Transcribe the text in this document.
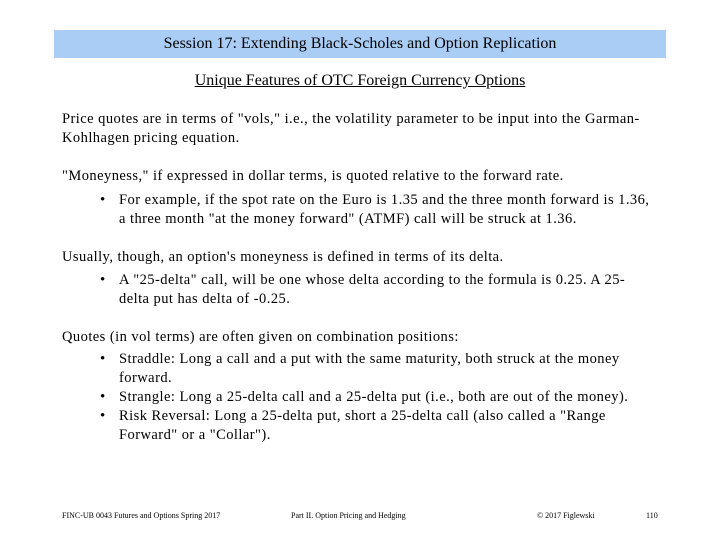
Session 17: Extending Black-Scholes and Option Replication
Unique Features of OTC Foreign Currency Options

Price quotes are in terms of "vols," i.e., the volatility parameter to be input into the Garman-Kohlhagen pricing equation.

"Moneyness," if expressed in dollar terms, is quoted relative to the forward rate.

• For example, if the spot rate on the Euro is 1.35 and the three month forward is 1.36, a three month "at the money forward" (ATMF) call will be struck at 1.36.

Usually, though, an option's moneyness is defined in terms of its delta.

• A "25-delta" call, will be one whose delta according to the formula is 0.25. A 25-delta put has delta of -0.25.

Quotes (in vol terms) are often given on combination positions:

• Straddle: Long a call and a put with the same maturity, both struck at the money forward.
• Strangle: Long a 25-delta call and a 25-delta put (i.e., both are out of the money).
• Risk Reversal: Long a 25-delta put, short a 25-delta call (also called a "Range Forward" or a "Collar").
FINC-UB 0043 Futures and Options Spring 2017	Part II. Option Pricing and Hedging	© 2017 Figlewski	110
